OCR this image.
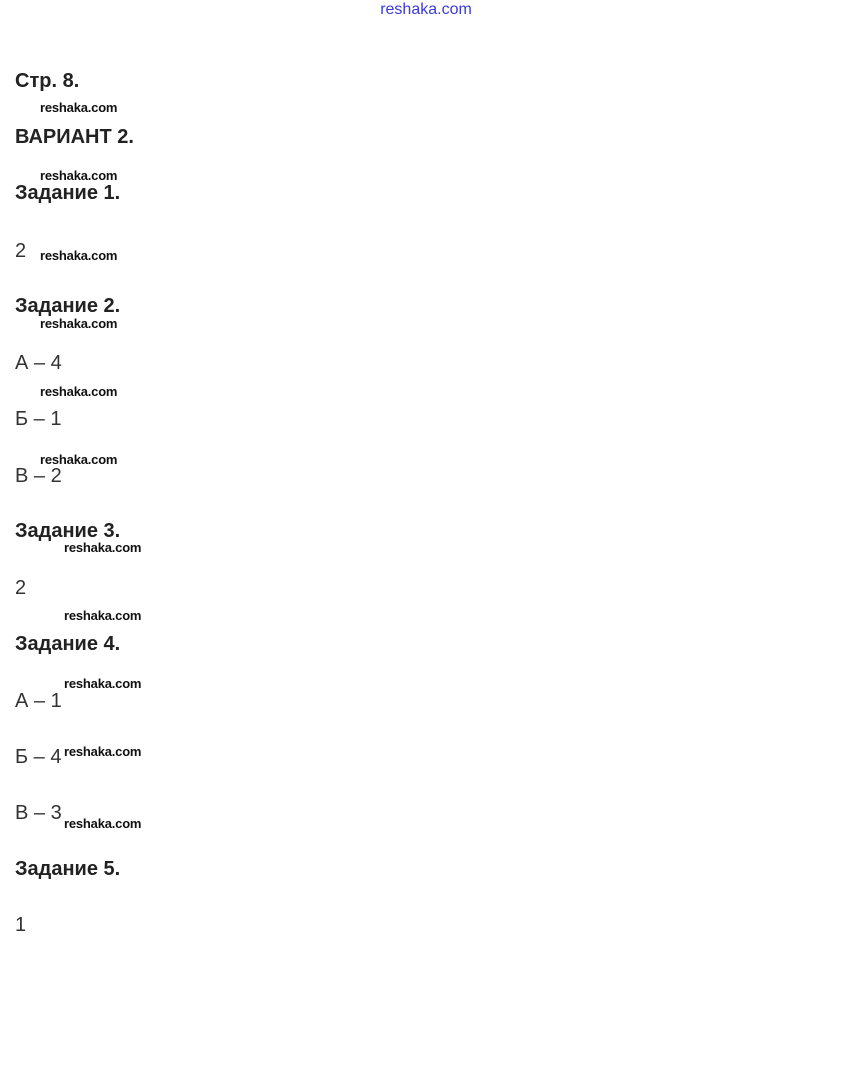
reshaka.com
Стр. 8.
reshaka.com
ВАРИАНТ 2.
reshaka.com
Задание 1.
2 reshaka.com
Задание 2.
reshaka.com
А – 4
reshaka.com
Б – 1
reshaka.com
В – 2
Задание 3.
reshaka.com
2
reshaka.com
Задание 4.
reshaka.com
А – 1
Б – 4 reshaka.com
В – 3 reshaka.com
Задание 5.
1
